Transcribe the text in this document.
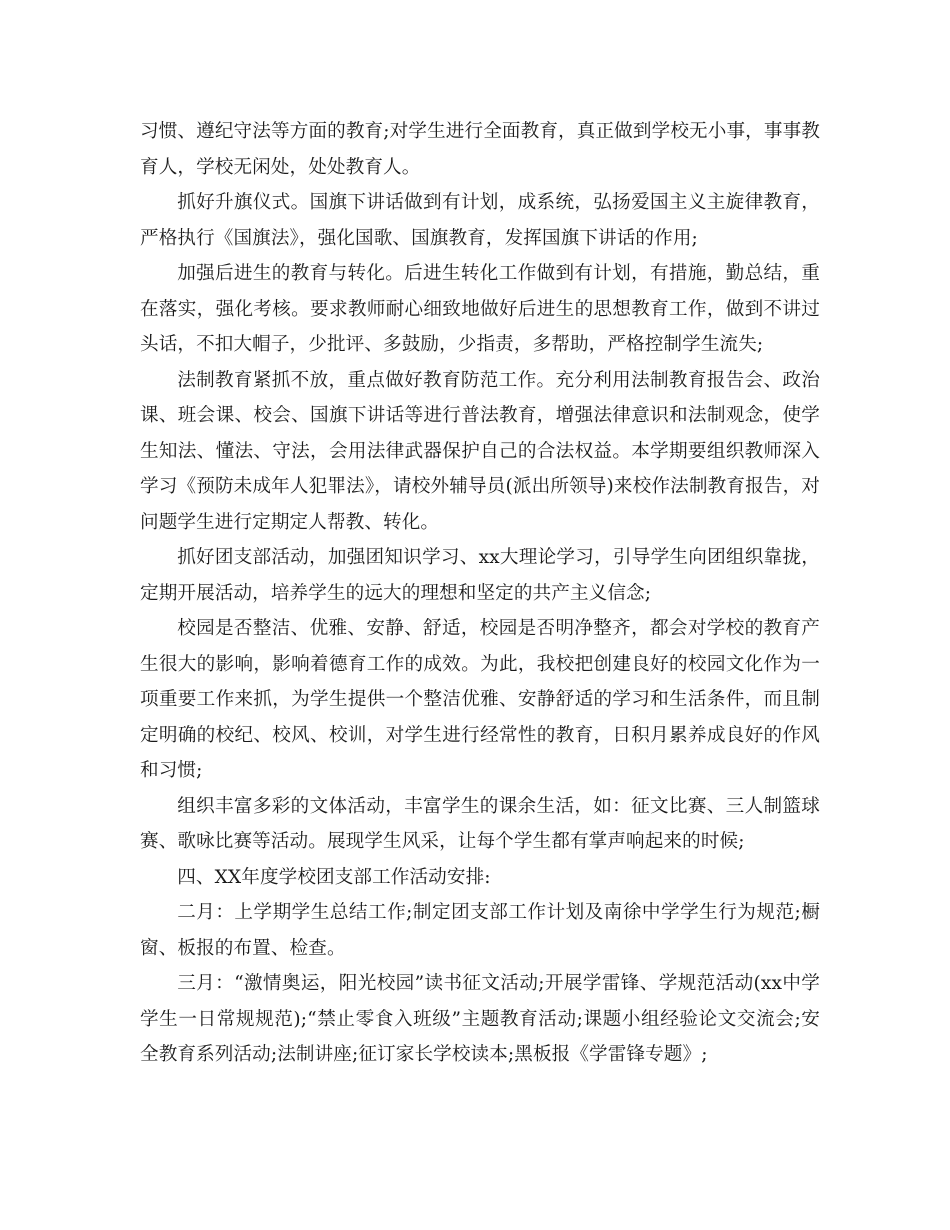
习惯、遵纪守法等方面的教育;对学生进行全面教育，真正做到学校无小事，事事教育人，学校无闲处，处处教育人。

抓好升旗仪式。国旗下讲话做到有计划，成系统，弘扬爱国主义主旋律教育，严格执行《国旗法》，强化国歌、国旗教育，发挥国旗下讲话的作用;

加强后进生的教育与转化。后进生转化工作做到有计划，有措施，勤总结，重在落实，强化考核。要求教师耐心细致地做好后进生的思想教育工作，做到不讲过头话，不扣大帽子，少批评、多鼓励，少指责，多帮助，严格控制学生流失;

法制教育紧抓不放，重点做好教育防范工作。充分利用法制教育报告会、政治课、班会课、校会、国旗下讲话等进行普法教育，增强法律意识和法制观念，使学生知法、懂法、守法，会用法律武器保护自己的合法权益。本学期要组织教师深入学习《预防未成年人犯罪法》，请校外辅导员(派出所领导)来校作法制教育报告，对问题学生进行定期定人帮教、转化。

抓好团支部活动，加强团知识学习、xx大理论学习，引导学生向团组织靠拢，定期开展活动，培养学生的远大的理想和坚定的共产主义信念;

校园是否整洁、优雅、安静、舒适，校园是否明净整齐，都会对学校的教育产生很大的影响，影响着德育工作的成效。为此，我校把创建良好的校园文化作为一项重要工作来抓，为学生提供一个整洁优雅、安静舒适的学习和生活条件，而且制定明确的校纪、校风、校训，对学生进行经常性的教育，日积月累养成良好的作风和习惯;

组织丰富多彩的文体活动，丰富学生的课余生活，如：征文比赛、三人制篮球赛、歌咏比赛等活动。展现学生风采，让每个学生都有掌声响起来的时候;

四、XX年度学校团支部工作活动安排:

二月：上学期学生总结工作;制定团支部工作计划及南徐中学学生行为规范;橱窗、板报的布置、检查。

三月：“激情奥运，阳光校园”读书征文活动;开展学雷锋、学规范活动(xx中学学生一日常规规范);“禁止零食入班级”主题教育活动;课题小组经验论文交流会;安全教育系列活动;法制讲座;征订家长学校读本;黑板报《学雷锋专题》;
